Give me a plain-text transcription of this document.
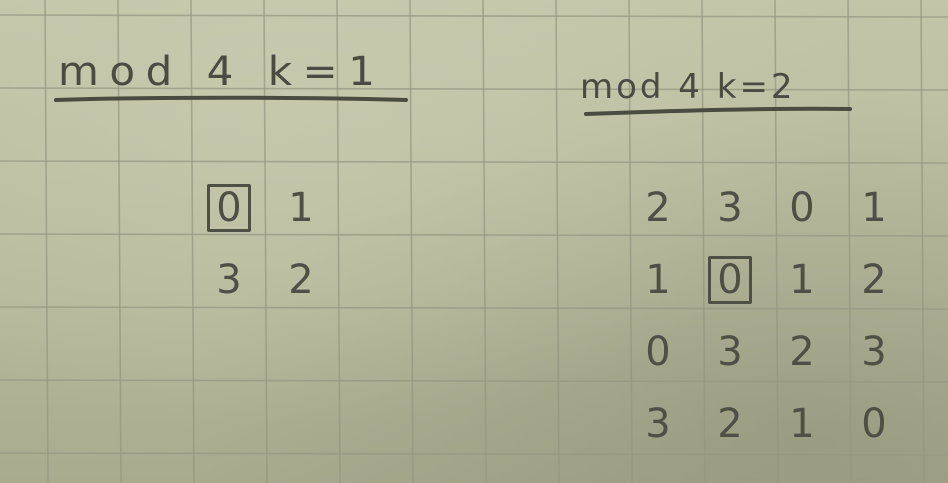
mod 4 k=1	mod 4 k=2
0 1
3 2
2 3 0 1
1 0 1 2
0 3 2 3
3 2 1 0
